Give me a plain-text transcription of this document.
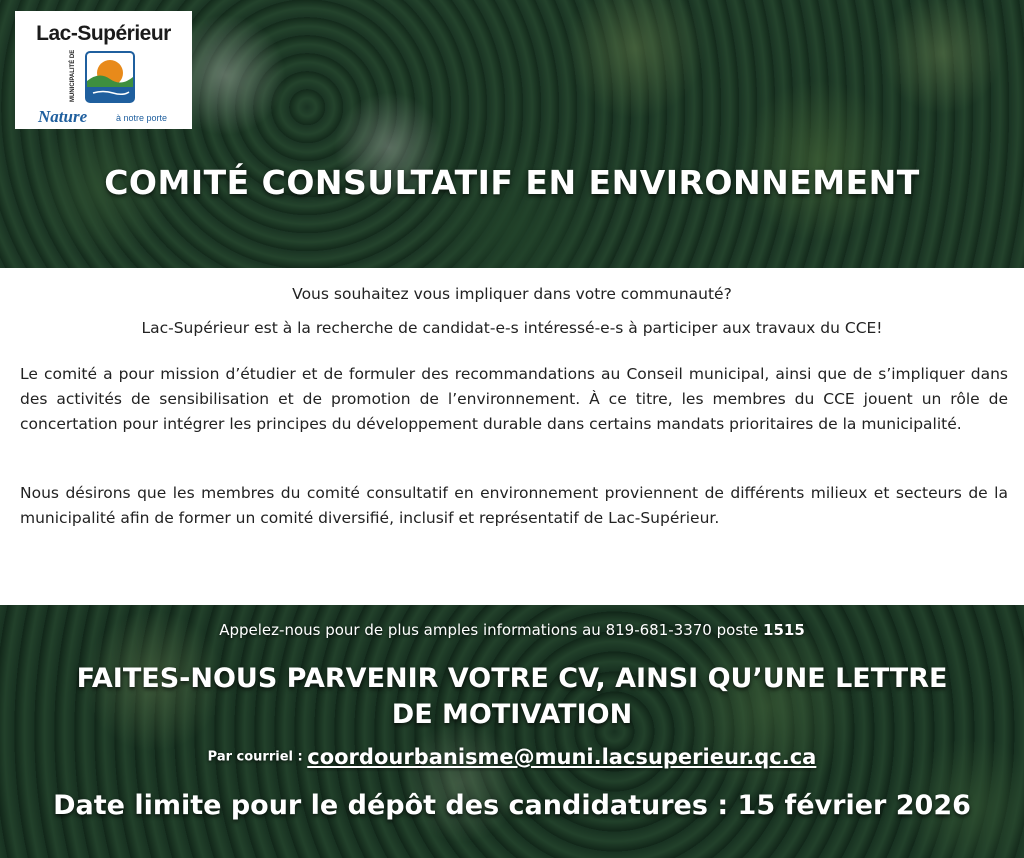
Lac-Supérieur
MUNICIPALITÉ DE
Nature	à notre porte
COMITÉ CONSULTATIF EN ENVIRONNEMENT
Vous souhaitez vous impliquer dans votre communauté?
Lac-Supérieur est à la recherche de candidat-e-s intéressé-e-s à participer aux travaux du CCE!

Le comité a pour mission d’étudier et de formuler des recommandations au Conseil municipal, ainsi que de s’impliquer dans des activités de sensibilisation et de promotion de l’environnement. À ce titre, les membres du CCE jouent un rôle de concertation pour intégrer les principes du développement durable dans certains mandats prioritaires de la municipalité.

Nous désirons que les membres du comité consultatif en environnement proviennent de différents milieux et secteurs de la municipalité afin de former un comité diversifié, inclusif et représentatif de Lac-Supérieur.

Appelez-nous pour de plus amples informations au 819-681-3370 poste 1515
FAITES-NOUS PARVENIR VOTRE CV, AINSI QU’UNE LETTRE
DE MOTIVATION
Par courriel : coordourbanisme@muni.lacsuperieur.qc.ca
Date limite pour le dépôt des candidatures : 15 février 2026
